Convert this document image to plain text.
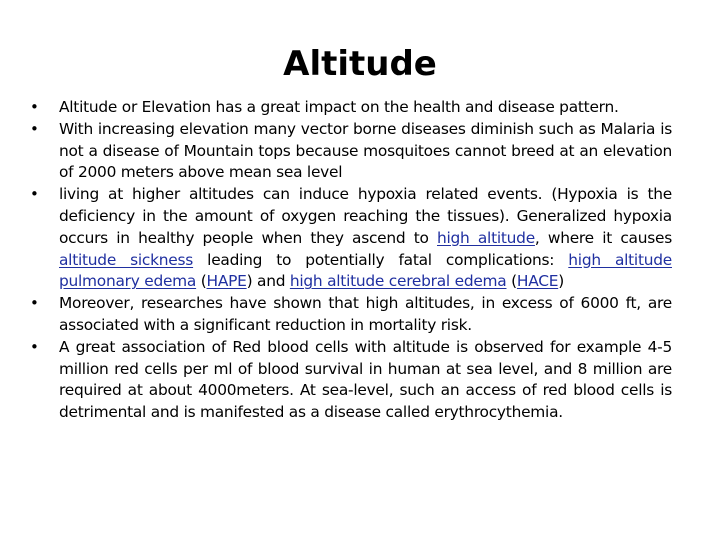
Altitude
•	Altitude or Elevation has a great impact on the health and disease pattern.
•	With increasing elevation many vector borne diseases diminish such as Malaria is not a disease of Mountain tops because mosquitoes cannot breed at an elevation of 2000 meters above mean sea level
•	living at higher altitudes can induce hypoxia related events. (Hypoxia is the deficiency in the amount of oxygen reaching the tissues). Generalized hypoxia occurs in healthy people when they ascend to high altitude, where it causes altitude sickness leading to potentially fatal complications: high altitude pulmonary edema (HAPE) and high altitude cerebral edema (HACE)
•	Moreover, researches have shown that high altitudes, in excess of 6000 ft, are associated with a significant reduction in mortality risk.
•	A great association of Red blood cells with altitude is observed for example 4-5 million red cells per ml of blood survival in human at sea level, and 8 million are required at about 4000meters. At sea-level, such an access of red blood cells is detrimental and is manifested as a disease called erythrocythemia.
